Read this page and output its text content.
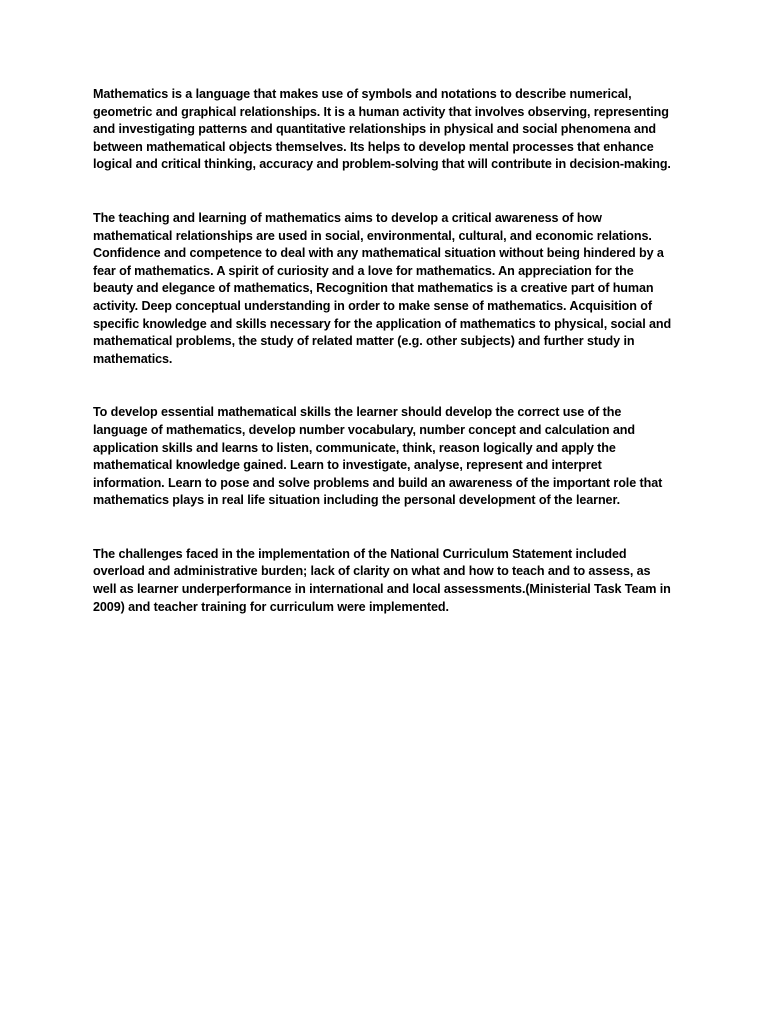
Mathematics is a language that makes use of symbols and notations to describe numerical,
geometric and graphical relationships. It is a human activity that involves observing, representing
and investigating patterns and quantitative relationships in physical and social phenomena and
between mathematical objects themselves. Its helps to develop mental processes that enhance
logical and critical thinking, accuracy and problem-solving that will contribute in decision-making.

The teaching and learning of mathematics aims to develop a critical awareness of how
mathematical relationships are used in social, environmental, cultural, and economic relations.
Confidence and competence to deal with any mathematical situation without being hindered by a
fear of mathematics. A spirit of curiosity and a love for mathematics. An appreciation for the
beauty and elegance of mathematics, Recognition that mathematics is a creative part of human
activity. Deep conceptual understanding in order to make sense of mathematics. Acquisition of
specific knowledge and skills necessary for the application of mathematics to physical, social and
mathematical problems, the study of related matter (e.g. other subjects) and further study in
mathematics.

To develop essential mathematical skills the learner should develop the correct use of the
language of mathematics, develop number vocabulary, number concept and calculation and
application skills and learns to listen, communicate, think, reason logically and apply the
mathematical knowledge gained. Learn to investigate, analyse, represent and interpret
information. Learn to pose and solve problems and build an awareness of the important role that
mathematics plays in real life situation including the personal development of the learner.

The challenges faced in the implementation of the National Curriculum Statement included
overload and administrative burden; lack of clarity on what and how to teach and to assess, as
well as learner underperformance in international and local assessments.(Ministerial Task Team in
2009) and teacher training for curriculum were implemented.
